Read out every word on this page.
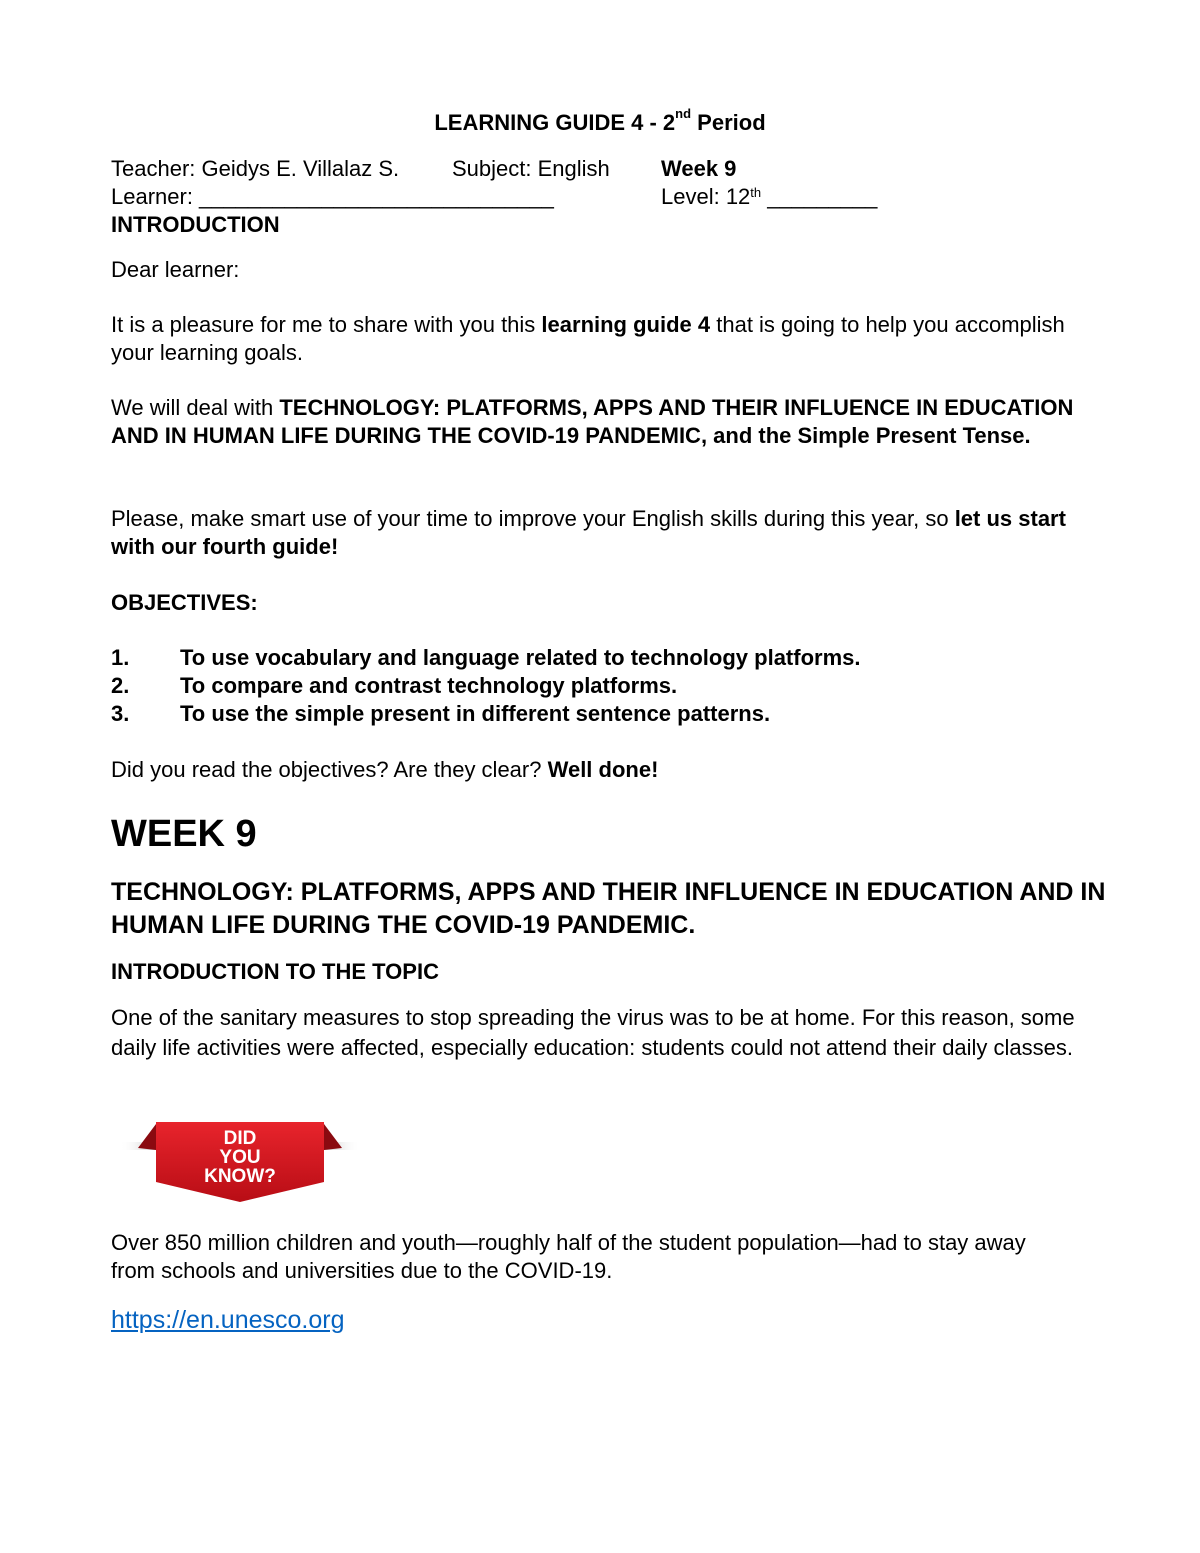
LEARNING GUIDE 4 - 2nd Period
Teacher: Geidys E. Villalaz S. Subject: English Week 9
Learner: _____________________________	Level: 12th _________
INTRODUCTION
Dear learner:
It is a pleasure for me to share with you this learning guide 4 that is going to help you accomplish your learning goals.
We will deal with TECHNOLOGY: PLATFORMS, APPS AND THEIR INFLUENCE IN EDUCATION AND IN HUMAN LIFE DURING THE COVID-19 PANDEMIC, and the Simple Present Tense.
Please, make smart use of your time to improve your English skills during this year, so let us start with our fourth guide!
OBJECTIVES:
1. To use vocabulary and language related to technology platforms.
2. To compare and contrast technology platforms.
3. To use the simple present in different sentence patterns.
Did you read the objectives? Are they clear? Well done!
WEEK 9
TECHNOLOGY: PLATFORMS, APPS AND THEIR INFLUENCE IN EDUCATION AND IN HUMAN LIFE DURING THE COVID-19 PANDEMIC.
INTRODUCTION TO THE TOPIC
One of the sanitary measures to stop spreading the virus was to be at home. For this reason, some daily life activities were affected, especially education: students could not attend their daily classes.
DID
YOU
KNOW?
Over 850 million children and youth—roughly half of the student population—had to stay away from schools and universities due to the COVID-19.
https://en.unesco.org
